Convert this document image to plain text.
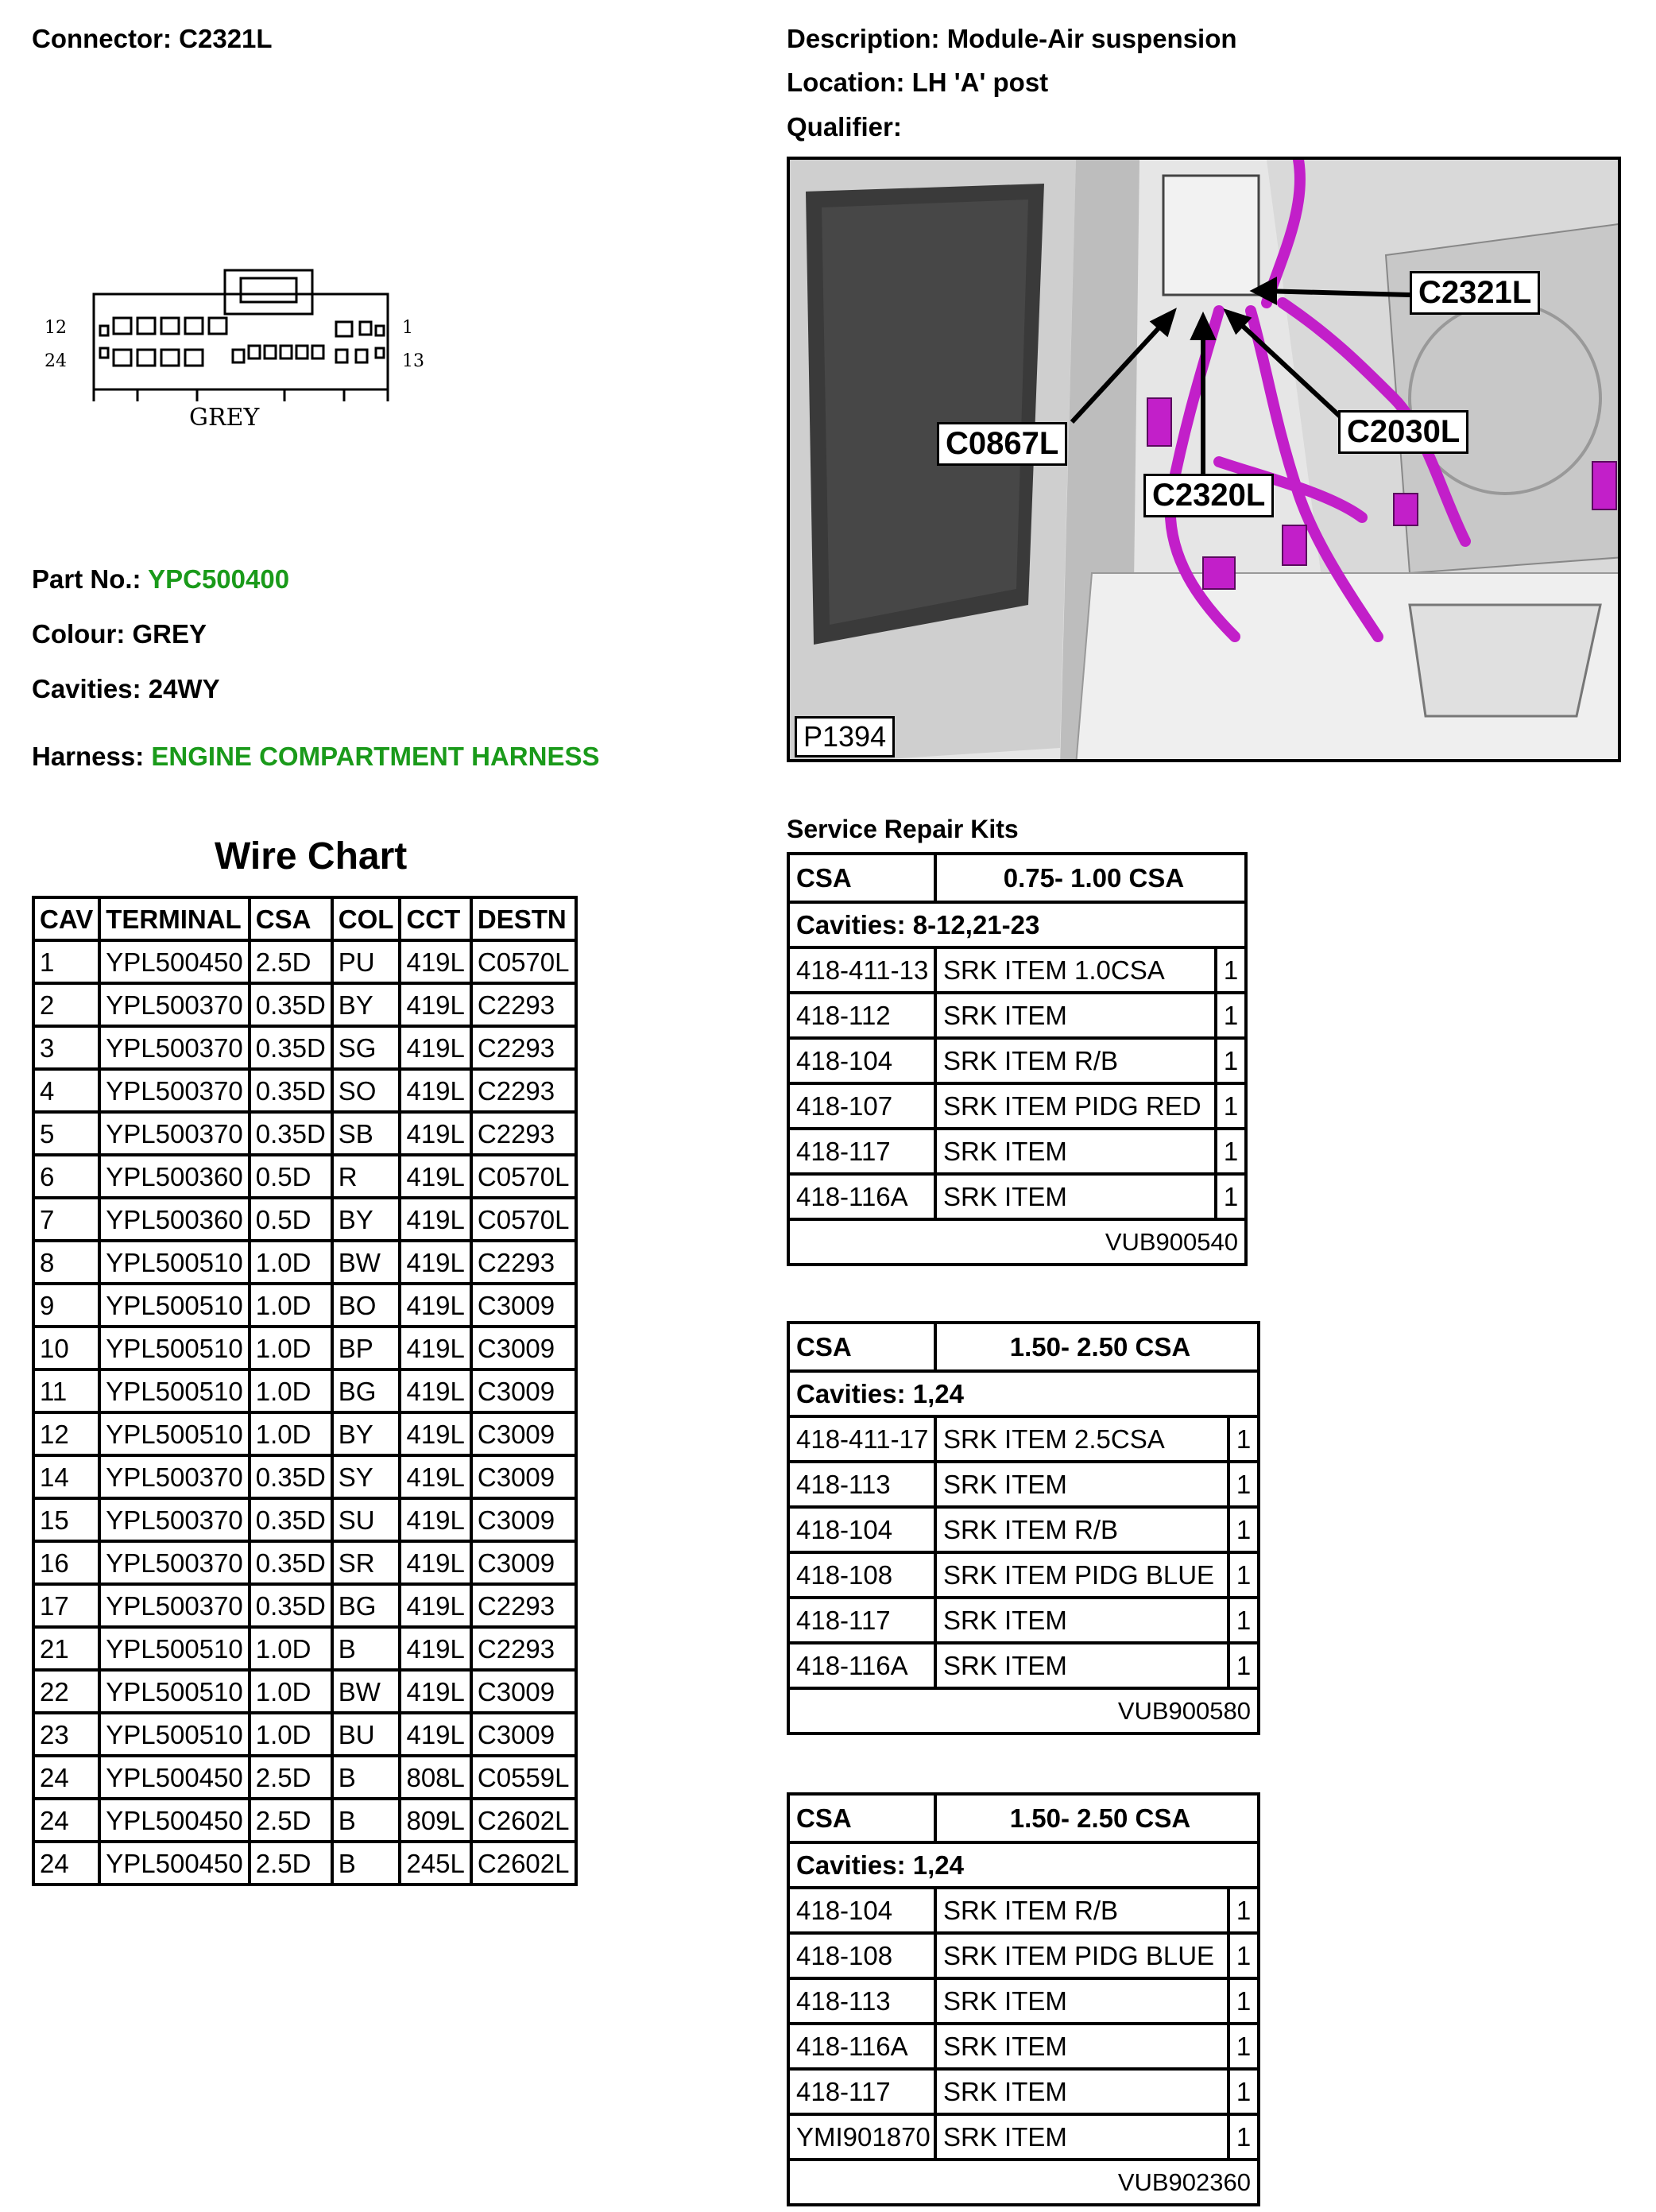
Connector: C2321L	Description: Module-Air suspension
Location: LH 'A' post
Qualifier:
12
24
1
13
GREY
Part No.: YPC500400
Colour: GREY
Cavities: 24WY
Harness: ENGINE COMPARTMENT HARNESS
C2321L
C0867L	C2030L
C2320L
P1394
Wire Chart
CAV	TERMINAL	CSA	COL	CCT	DESTN
1	YPL500450	2.5D	PU	419L	C0570L
2	YPL500370	0.35D	BY	419L	C2293
3	YPL500370	0.35D	SG	419L	C2293
4	YPL500370	0.35D	SO	419L	C2293
5	YPL500370	0.35D	SB	419L	C2293
6	YPL500360	0.5D	R	419L	C0570L
7	YPL500360	0.5D	BY	419L	C0570L
8	YPL500510	1.0D	BW	419L	C2293
9	YPL500510	1.0D	BO	419L	C3009
10	YPL500510	1.0D	BP	419L	C3009
11	YPL500510	1.0D	BG	419L	C3009
12	YPL500510	1.0D	BY	419L	C3009
14	YPL500370	0.35D	SY	419L	C3009
15	YPL500370	0.35D	SU	419L	C3009
16	YPL500370	0.35D	SR	419L	C3009
17	YPL500370	0.35D	BG	419L	C2293
21	YPL500510	1.0D	B	419L	C2293
22	YPL500510	1.0D	BW	419L	C3009
23	YPL500510	1.0D	BU	419L	C3009
24	YPL500450	2.5D	B	808L	C0559L
24	YPL500450	2.5D	B	809L	C2602L
24	YPL500450	2.5D	B	245L	C2602L
Service Repair Kits
CSA	0.75- 1.00 CSA
Cavities: 8-12,21-23
418-411-13 SRK ITEM 1.0CSA	1
418-112	SRK ITEM	1
418-104	SRK ITEM R/B	1
418-107	SRK ITEM PIDG RED 1
418-117	SRK ITEM	1
418-116A	SRK ITEM	1
VUB900540
CSA	1.50- 2.50 CSA
Cavities: 1,24
418-411-17 SRK ITEM 2.5CSA	1
418-113	SRK ITEM	1
418-104	SRK ITEM R/B	1
418-108	SRK ITEM PIDG BLUE 1
418-117	SRK ITEM	1
418-116A	SRK ITEM	1
VUB900580
CSA	1.50- 2.50 CSA
Cavities: 1,24
418-104	SRK ITEM R/B	1
418-108	SRK ITEM PIDG BLUE 1
418-113	SRK ITEM	1
418-116A	SRK ITEM	1
418-117	SRK ITEM	1
YMI901870 SRK ITEM	1
VUB902360
